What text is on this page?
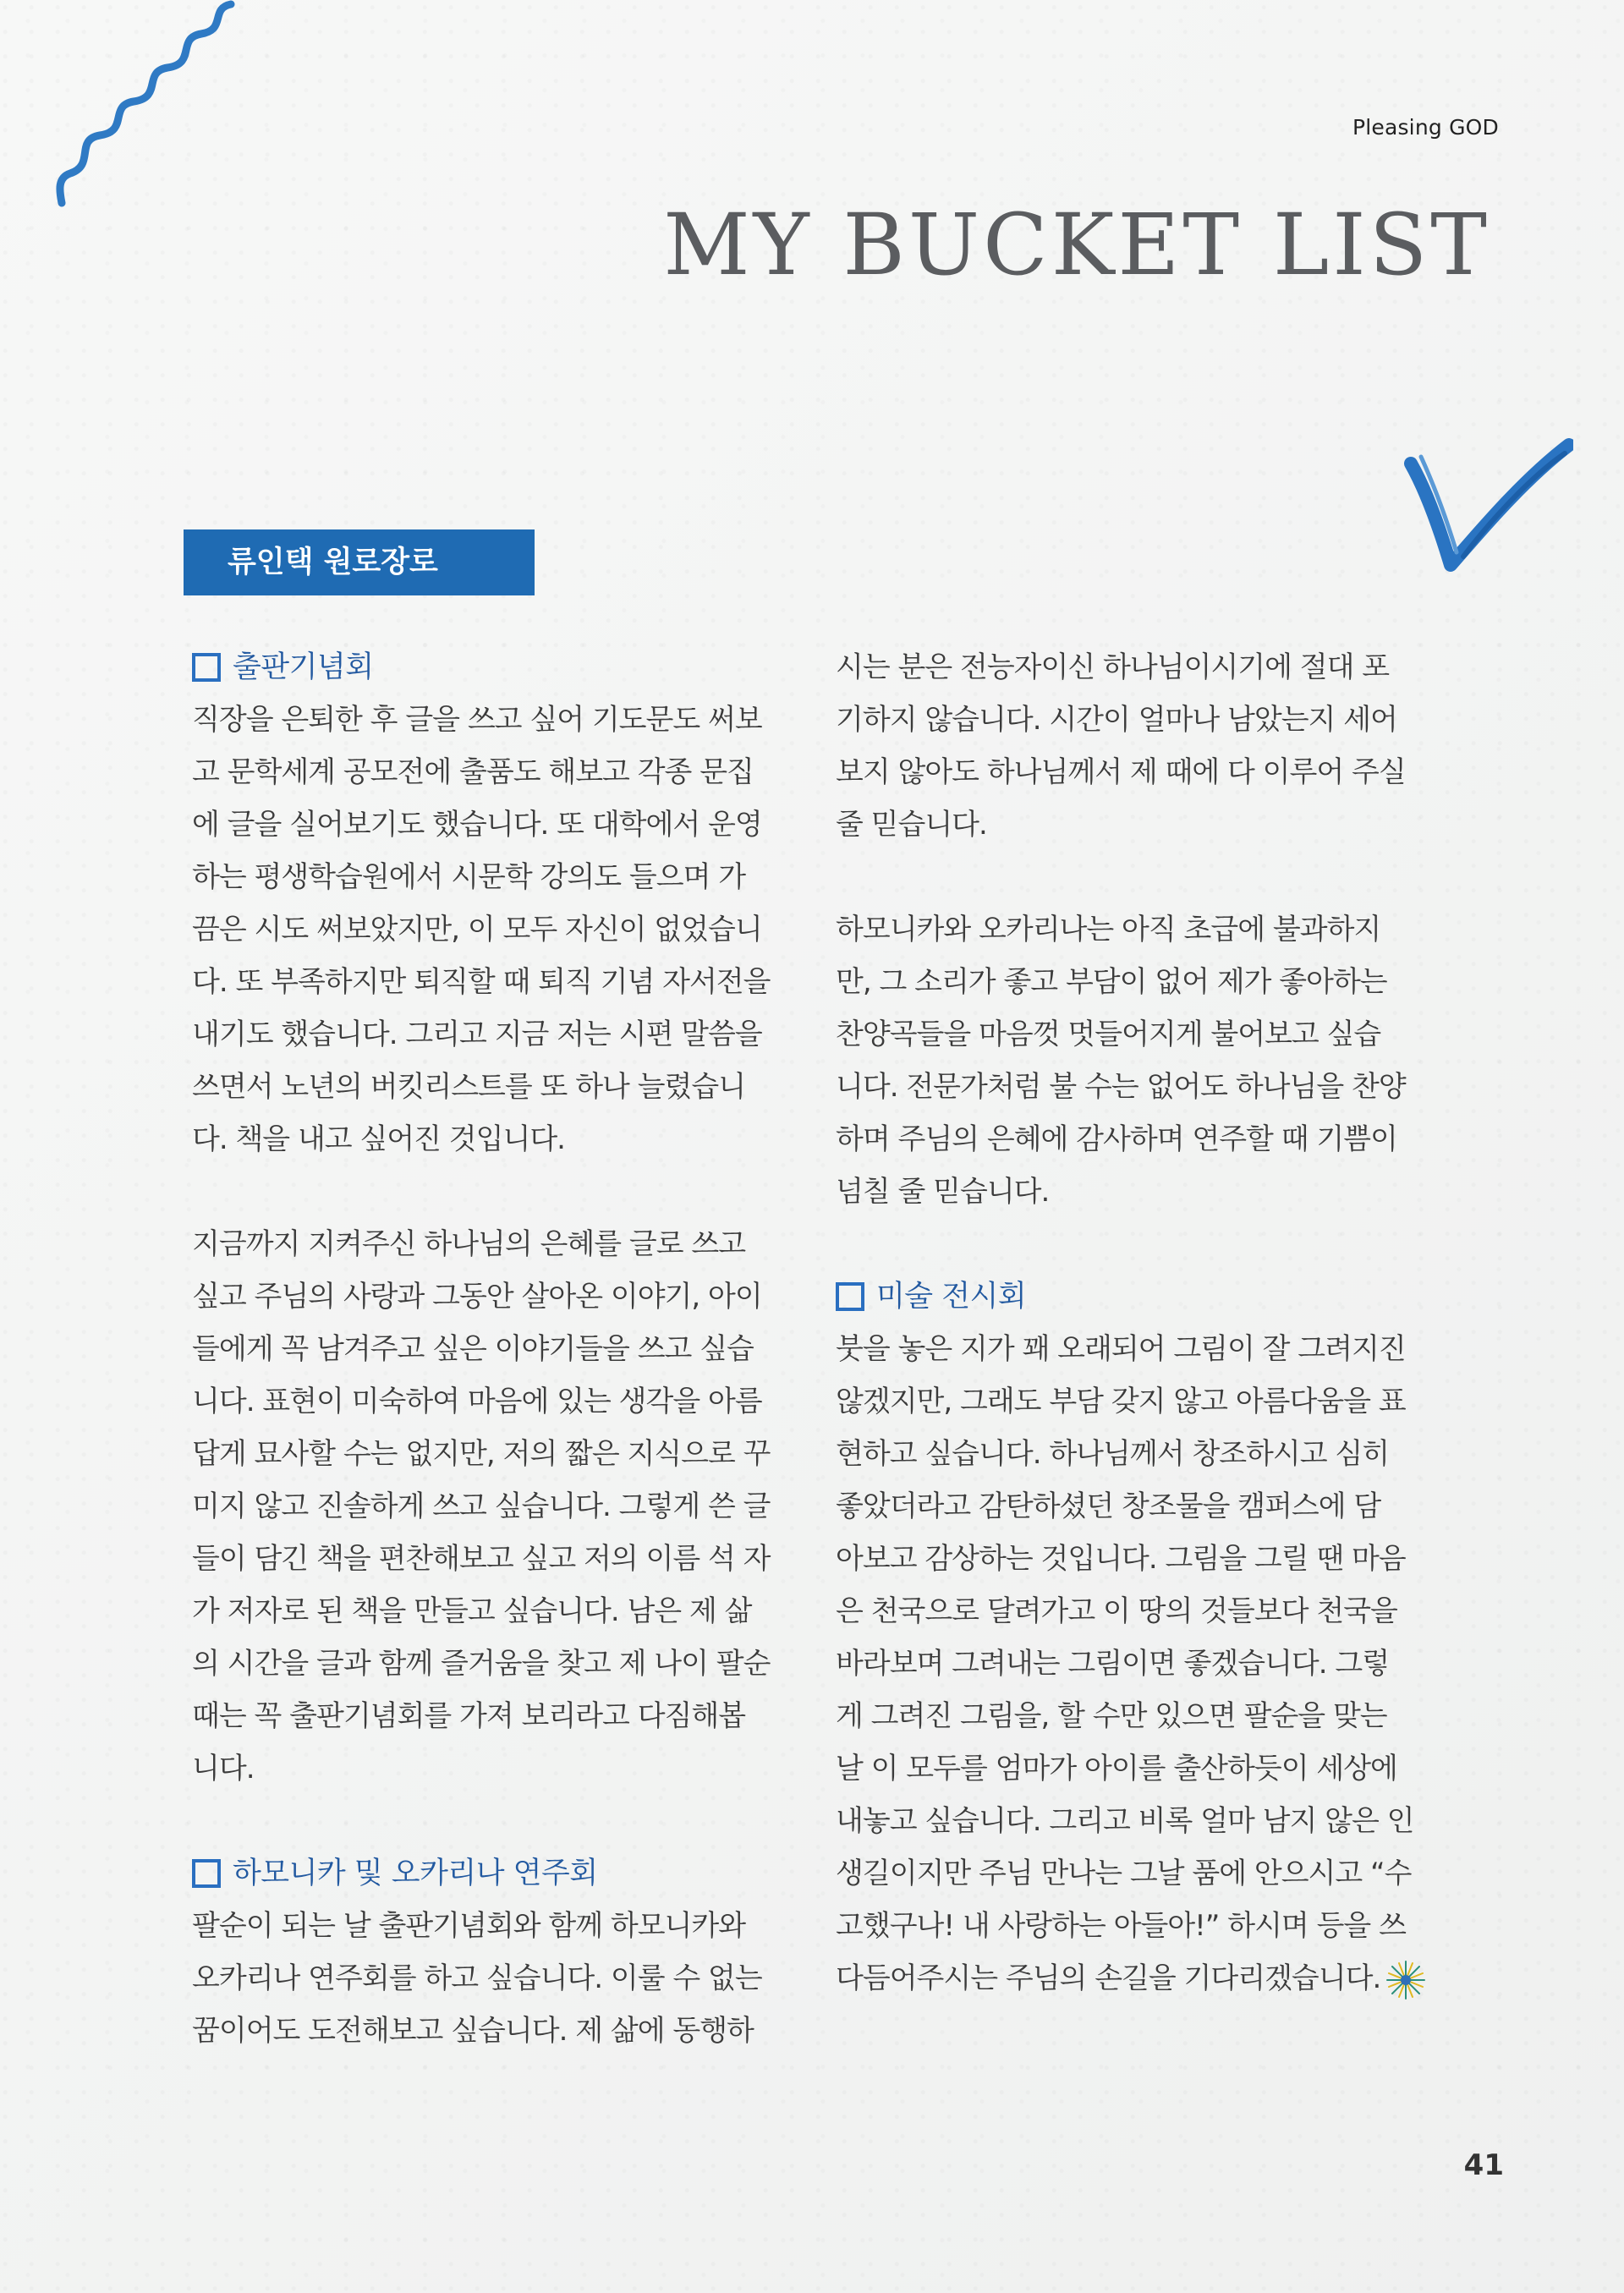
Pleasing GOD
MY BUCKET LIST
류인택 원로장로
출판기념회
직장을 은퇴한 후 글을 쓰고 싶어 기도문도 써보
고 문학세계 공모전에 출품도 해보고 각종 문집
에 글을 실어보기도 했습니다. 또 대학에서 운영
하는 평생학습원에서 시문학 강의도 들으며 가
끔은 시도 써보았지만, 이 모두 자신이 없었습니
다. 또 부족하지만 퇴직할 때 퇴직 기념 자서전을
내기도 했습니다. 그리고 지금 저는 시편 말씀을
쓰면서 노년의 버킷리스트를 또 하나 늘렸습니
다. 책을 내고 싶어진 것입니다.
지금까지 지켜주신 하나님의 은혜를 글로 쓰고
싶고 주님의 사랑과 그동안 살아온 이야기, 아이
들에게 꼭 남겨주고 싶은 이야기들을 쓰고 싶습
니다. 표현이 미숙하여 마음에 있는 생각을 아름
답게 묘사할 수는 없지만, 저의 짧은 지식으로 꾸
미지 않고 진솔하게 쓰고 싶습니다. 그렇게 쓴 글
들이 담긴 책을 편찬해보고 싶고 저의 이름 석 자
가 저자로 된 책을 만들고 싶습니다. 남은 제 삶
의 시간을 글과 함께 즐거움을 찾고 제 나이 팔순
때는 꼭 출판기념회를 가져 보리라고 다짐해봅
니다.
하모니카 및 오카리나 연주회
팔순이 되는 날 출판기념회와 함께 하모니카와
오카리나 연주회를 하고 싶습니다. 이룰 수 없는
꿈이어도 도전해보고 싶습니다. 제 삶에 동행하
시는 분은 전능자이신 하나님이시기에 절대 포
기하지 않습니다. 시간이 얼마나 남았는지 세어
보지 않아도 하나님께서 제 때에 다 이루어 주실
줄 믿습니다.
하모니카와 오카리나는 아직 초급에 불과하지
만, 그 소리가 좋고 부담이 없어 제가 좋아하는
찬양곡들을 마음껏 멋들어지게 불어보고 싶습
니다. 전문가처럼 불 수는 없어도 하나님을 찬양
하며 주님의 은혜에 감사하며 연주할 때 기쁨이
넘칠 줄 믿습니다.
미술 전시회
붓을 놓은 지가 꽤 오래되어 그림이 잘 그려지진
않겠지만, 그래도 부담 갖지 않고 아름다움을 표
현하고 싶습니다. 하나님께서 창조하시고 심히
좋았더라고 감탄하셨던 창조물을 캠퍼스에 담
아보고 감상하는 것입니다. 그림을 그릴 땐 마음
은 천국으로 달려가고 이 땅의 것들보다 천국을
바라보며 그려내는 그림이면 좋겠습니다. 그렇
게 그려진 그림을, 할 수만 있으면 팔순을 맞는
날 이 모두를 엄마가 아이를 출산하듯이 세상에
내놓고 싶습니다. 그리고 비록 얼마 남지 않은 인
생길이지만 주님 만나는 그날 품에 안으시고 “수
고했구나! 내 사랑하는 아들아!” 하시며 등을 쓰
다듬어주시는 주님의 손길을 기다리겠습니다.
41
